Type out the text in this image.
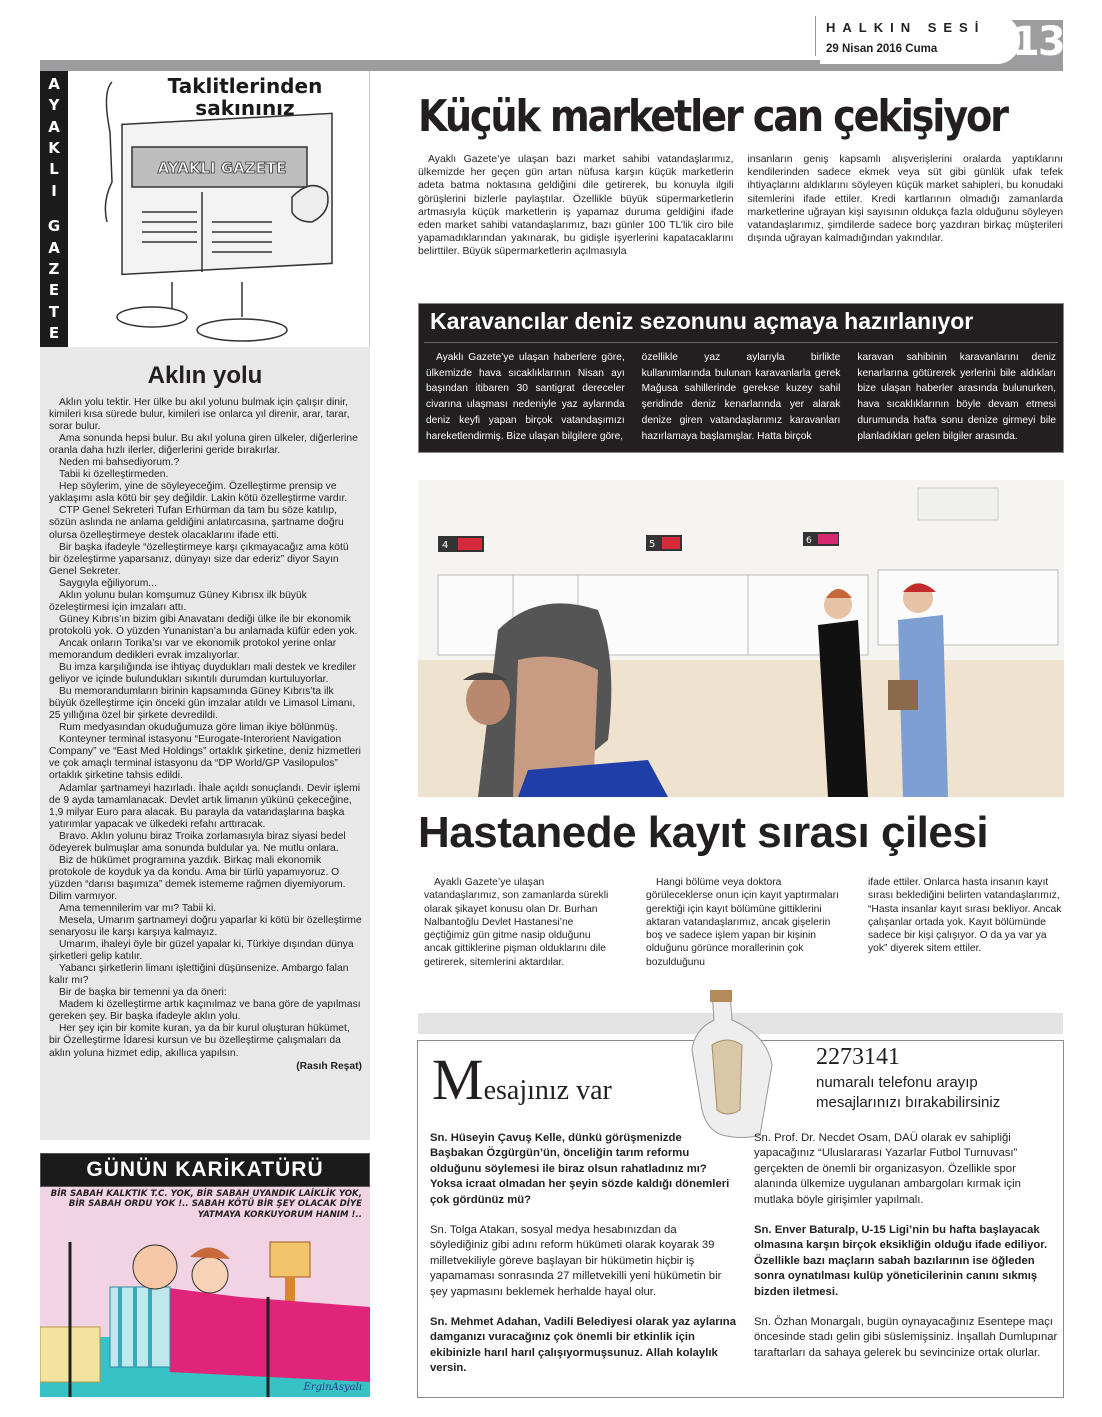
HALKIN SESİ
29 Nisan 2016 Cuma 13
A
Y
A
K
L
I
G
A
Z
E
T
E
AYAKLI GAZETE
Taklitlerinden
sakınınız
Aklın yolu

Aklın yolu tektir. Her ülke bu akıl yolunu bulmak için çalışır dinir, kimileri kısa sürede bulur, kimileri ise onlarca yıl direnir, arar, tarar, sorar bulur.

Ama sonunda hepsi bulur. Bu akıl yoluna giren ülkeler, diğerlerine oranla daha hızlı ilerler, diğerlerini geride bırakırlar.

Neden mi bahsediyorum.?

Tabii ki özelleştirmeden.

Hep söylerim, yine de söyleyeceğim. Özelleştirme prensip ve yaklaşımı asla kötü bir şey değildir. Lakin kötü özelleştirme vardır.

CTP Genel Sekreteri Tufan Erhürman da tam bu söze katılıp, sözün aslında ne anlama geldiğini anlatırcasına, şartname doğru olursa özelleştirmeye destek olacaklarını ifade etti.

Bir başka ifadeyle “özelleştirmeye karşı çıkmayacağız ama kötü bir özeleştirme yaparsanız, dünyayı size dar ederiz” diyor Sayın Genel Sekreter.

Saygıyla eğiliyorum...

Aklın yolunu bulan komşumuz Güney Kıbrısx ilk büyük özeleştirmesi için imzaları attı.

Güney Kıbrıs’ın bizim gibi Anavatanı dediği ülke ile bir ekonomik protokolü yok. O yüzden Yunanistan’a bu anlamada küfür eden yok.

Ancak onların Torika’sı var ve ekonomik protokol yerine onlar memorandum dedikleri evrak imzalıyorlar.

Bu imza karşılığında ise ihtiyaç duydukları mali destek ve krediler geliyor ve içinde bulundukları sıkıntılı durumdan kurtuluyorlar.

Bu memorandumların birinin kapsamında Güney Kıbrıs’ta ilk büyük özelleştirme için önceki gün imzalar atıldı ve Limasol Limanı, 25 yıllığına özel bir şirkete devredildi.

Rum medyasından okuduğumuza göre liman ikiye bölünmüş.

Konteyner terminal istasyonu “Eurogate-Interorient Navigation Company” ve “East Med Holdings” ortaklık şirketine, deniz hizmetleri ve çok amaçlı terminal istasyonu da “DP World/GP Vasilopulos” ortaklık şirketine tahsis edildi.

Adamlar şartnameyi hazırladı. İhale açıldı sonuçlandı. Devir işlemi de 9 ayda tamamlanacak. Devlet artık limanın yükünü çekeceğine, 1,9 milyar Euro para alacak. Bu parayla da vatandaşlarına başka yatırımlar yapacak ve ülkedeki refahı arttıracak.

Bravo. Aklın yolunu biraz Troika zorlamasıyla biraz siyasi bedel ödeyerek bulmuşlar ama sonunda buldular ya. Ne mutlu onlara.

Biz de hükümet programına yazdık. Birkaç mali ekonomik protokole de koyduk ya da kondu. Ama bir türlü yapamıyoruz. O yüzden “darısı başımıza” demek istememe rağmen diyemiyorum. Dilim varmıyor.

Ama temennilerim var mı? Tabii ki.

Mesela, Umarım şartnameyi doğru yaparlar ki kötü bir özelleştirme senaryosu ile karşı karşıya kalmayız.

Umarım, ihaleyi öyle bir güzel yapalar ki, Türkiye dışından dünya şirketleri gelip katılır.

Yabancı şirketlerin limanı işlettiğini düşünsenize. Ambargo falan kalır mı?

Bir de başka bir temenni ya da öneri:

Madem ki özelleştirme artık kaçınılmaz ve bana göre de yapılması gereken şey. Bir başka ifadeyle aklın yolu.

Her şey için bir komite kuran, ya da bir kurul oluşturan hükümet, bir Özelleştirme İdaresi kursun ve bu özelleştirme çalışmaları da aklın yoluna hizmet edip, akıllıca yapılsın.

(Rasıh Reşat)
GÜNÜN KARİKATÜRÜ
BİR SABAH KALKTIK T.C. YOK, BİR SABAH UYANDIK LAİKLİK YOK,
BİR SABAH ORDU YOK !.. SABAH KÖTÜ BİR ŞEY OLACAK DİYE
YATMAYA KORKUYORUM HANIM !..
ErginAsyalı
Küçük marketler can çekişiyor

Ayaklı Gazete’ye ulaşan bazı market sahibi vatandaşlarımız, ülkemizde her geçen gün artan nüfusa karşın küçük marketlerin adeta batma noktasına geldiğini dile getirerek, bu konuyla ilgili görüşlerini bizlerle paylaştılar. Özellikle büyük süpermarketlerin artmasıyla küçük marketlerin iş yapamaz duruma geldiğini ifade eden market sahibi vatandaşlarımız, bazı günler 100 TL’lik ciro bile yapamadıklarından yakınarak, bu gidişle işyerlerini kapatacaklarını belirttiler. Büyük süpermarketlerin açılmasıyla

insanların geniş kapsamlı alışverişlerini oralarda yaptıklarını kendilerinden sadece ekmek veya süt gibi günlük ufak tefek ihtiyaçlarını aldıklarını söyleyen küçük market sahipleri, bu konudaki sitemlerini ifade ettiler. Kredi kartlarının olmadığı zamanlarda marketlerine uğrayan kişi sayısının oldukça fazla olduğunu söyleyen vatandaşlarımız, şimdilerde sadece borç yazdıran birkaç müşterileri dışında uğrayan kalmadığından yakındılar.

Karavancılar deniz sezonunu açmaya hazırlanıyor

Ayaklı Gazete’ye ulaşan haberlere göre, ülkemizde hava sıcaklıklarının Nisan ayı başından itibaren 30 santigrat dereceler civarına ulaşması nedeniyle yaz aylarında deniz keyfi yapan birçok vatandaşımızı hareketlendirmiş. Bize ulaşan bilgilere göre,

özellikle yaz aylarıyla birlikte kullanımlarında bulunan karavanlarla gerek Mağusa sahillerinde gerekse kuzey sahil şeridinde deniz kenarlarında yer alarak denize giren vatandaşlarımız karavanları hazırlamaya başlamışlar. Hatta birçok

karavan sahibinin karavanlarını deniz kenarlarına götürerek yerlerini bile aldıkları bize ulaşan haberler arasında bulunurken, hava sıcaklıklarının böyle devam etmesi durumunda hafta sonu denize girmeyi bile planladıkları gelen bilgiler arasında.

4	5	6
Hastanede kayıt sırası çilesi

Ayaklı Gazete’ye ulaşan vatandaşlarımız, son zamanlarda sürekli olarak şikayet konusu olan Dr. Burhan Nalbantoğlu Devlet Hastanesi’ne geçtiğimiz gün gitme nasip olduğunu ancak gittiklerine pişman olduklarını dile getirerek, sitemlerini aktardılar.

Hangi bölüme veya doktora görüleceklerse onun için kayıt yaptırmaları gerektiği için kayıt bölümüne gittiklerini aktaran vatandaşlarımız, ancak gişelerin boş ve sadece işlem yapan bir kişinin olduğunu görünce morallerinin çok bozulduğunu

ifade ettiler. Onlarca hasta insanın kayıt sırası beklediğini belirten vatandaşlarımız, “Hasta insanlar kayıt sırası bekliyor. Ancak çalışanlar ortada yok. Kayıt bölümünde sadece bir kişi çalışıyor. O da ya var ya yok” diyerek sitem ettiler.

Mesajınız var
2273141
numaralı telefonu arayıp
mesajlarınızı bırakabilirsiniz

Sn. Hüseyin Çavuş Kelle, dünkü görüşmenizde Başbakan Özgürgün’ün, önceliğin tarım reformu olduğunu söylemesi ile biraz olsun rahatladınız mı? Yoksa icraat olmadan her şeyin sözde kaldığı dönemleri çok gördünüz mü?

Sn. Tolga Atakan, sosyal medya hesabınızdan da söylediğiniz gibi adını reform hükümeti olarak koyarak 39 milletvekiliyle göreve başlayan bir hükümetin hiçbir iş yapamaması sonrasında 27 milletvekilli yeni hükümetin bir şey yapmasını beklemek herhalde hayal olur.

Sn. Mehmet Adahan, Vadili Belediyesi olarak yaz aylarına damganızı vuracağınız çok önemli bir etkinlik için ekibinizle harıl harıl çalışıyormuşsunuz. Allah kolaylık versin.

Sn. Prof. Dr. Necdet Osam, DAÜ olarak ev sahipliği yapacağınız “Uluslararası Yazarlar Futbol Turnuvası” gerçekten de önemli bir organizasyon. Özellikle spor alanında ülkemize uygulanan ambargoları kırmak için mutlaka böyle girişimler yapılmalı.

Sn. Enver Baturalp, U-15 Ligi’nin bu hafta başlayacak olmasına karşın birçok eksikliğin olduğu ifade ediliyor. Özellikle bazı maçların sabah bazılarının ise öğleden sonra oynatılması kulüp yöneticilerinin canını sıkmış bizden iletmesi.

Sn. Özhan Monargalı, bugün oynayacağınız Esentepe maçı öncesinde stadı gelin gibi süslemişsiniz. İnşallah Dumlupınar taraftarları da sahaya gelerek bu sevincinize ortak olurlar.
